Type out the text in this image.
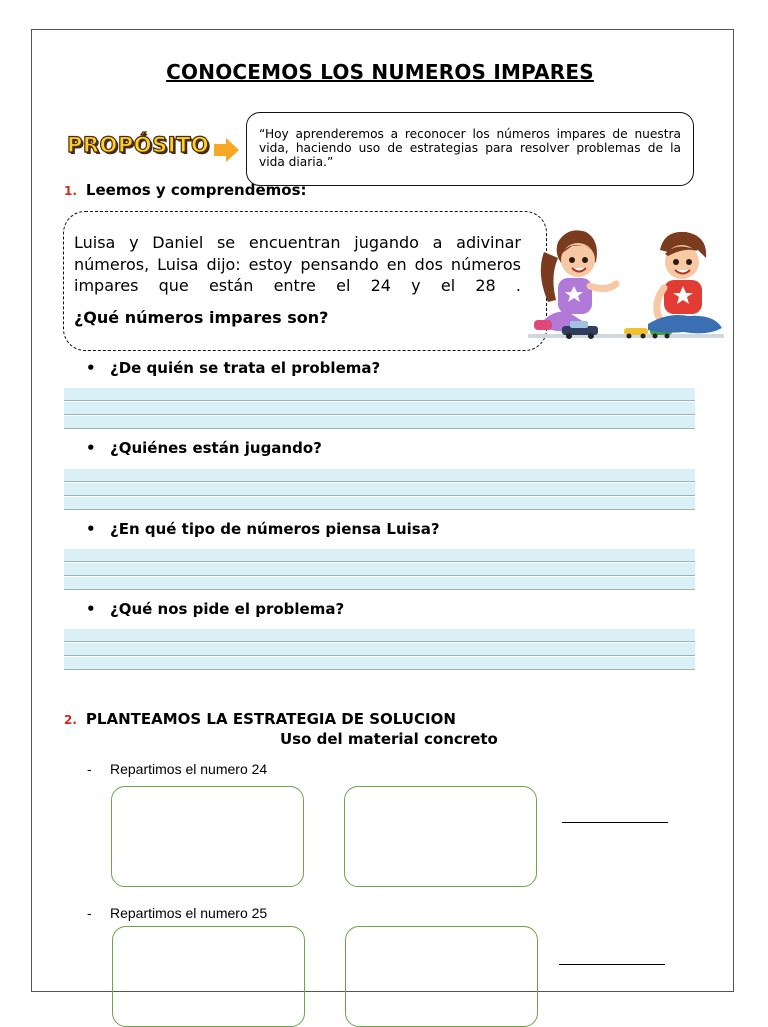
CONOCEMOS LOS NUMEROS IMPARES
PROPÓSITO	“Hoy aprenderemos a reconocer los números impares de nuestra vida, haciendo uso de estrategias para resolver problemas de la vida diaria.”
1. Leemos y comprendemos:
Luisa y Daniel se encuentran jugando a adivinar números, Luisa dijo: estoy pensando en dos números impares que están entre el 24 y el 28 .
¿Qué números impares son?
• ¿De quién se trata el problema?
• ¿Quiénes están jugando?
• ¿En qué tipo de números piensa Luisa?
• ¿Qué nos pide el problema?
2. PLANTEAMOS LA ESTRATEGIA DE SOLUCION
Uso del material concreto
- Repartimos el numero 24
- Repartimos el numero 25
